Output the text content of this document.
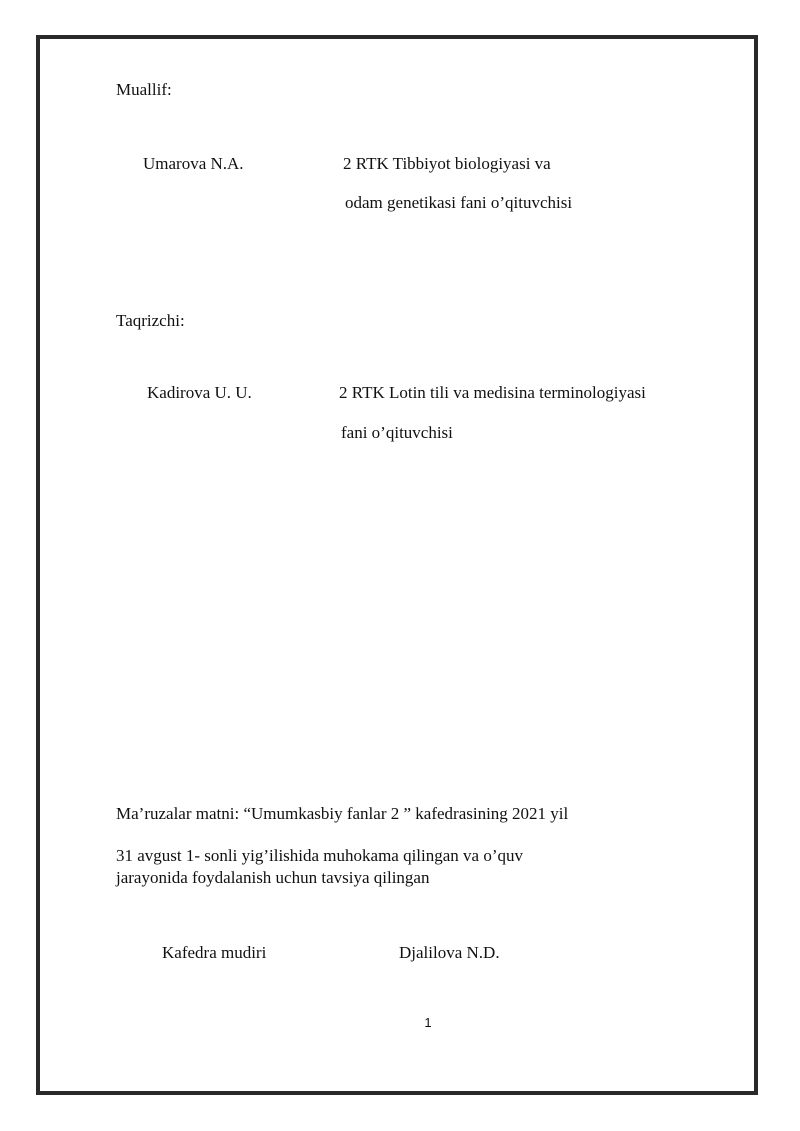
Muallif:
Umarova N.A.	2 RTK Tibbiyot biologiyasi va
odam genetikasi fani o’qituvchisi
Taqrizchi:
Kadirova U. U.	2 RTK Lotin tili va medisina terminologiyasi
fani o’qituvchisi
Ma’ruzalar matni: “Umumkasbiy fanlar 2 ” kafedrasining 2021 yil
31 avgust 1- sonli yig’ilishida muhokama qilingan va o’quv
jarayonida foydalanish uchun tavsiya qilingan
Kafedra mudiri	Djalilova N.D.
1
